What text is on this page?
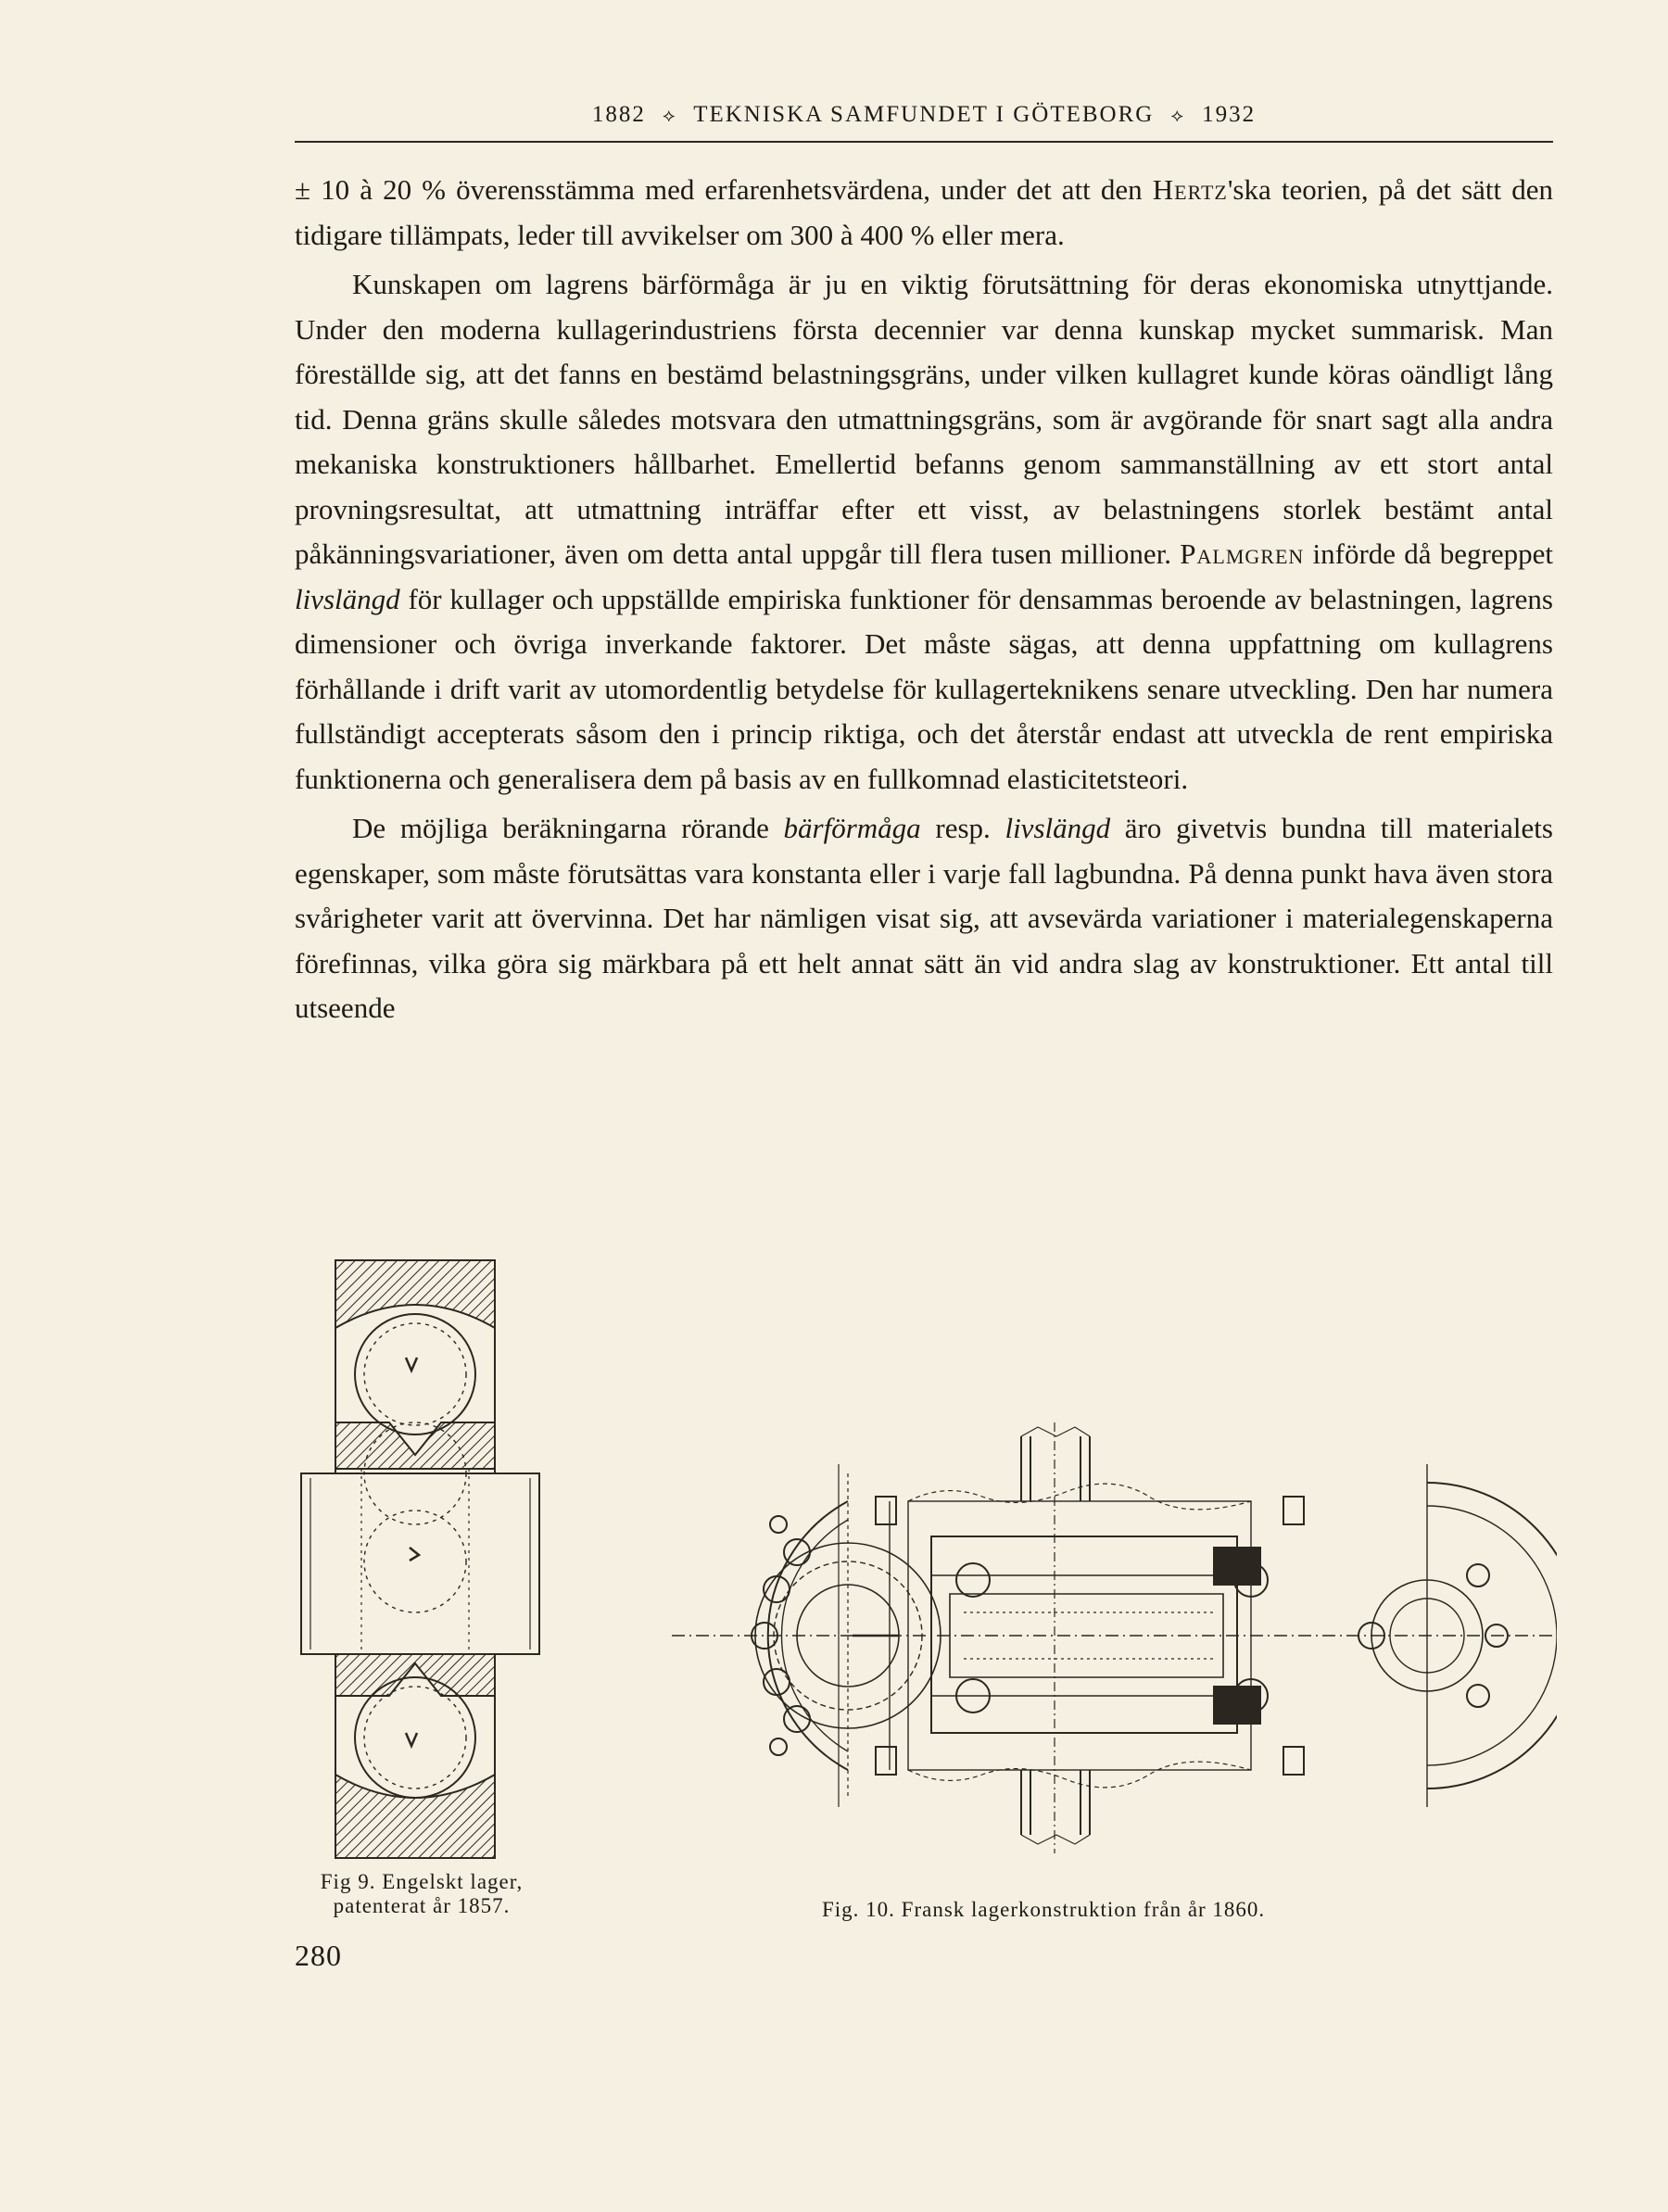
1882 ⟡ TEKNISKA SAMFUNDET I GÖTEBORG ⟡ 1932

± 10 à 20 % överensstämma med erfarenhetsvärdena, under det att den Hertz'ska teorien, på det sätt den tidigare tillämpats, leder till avvikelser om 300 à 400 % eller mera.

Kunskapen om lagrens bärförmåga är ju en viktig förutsättning för deras ekonomiska utnyttjande. Under den moderna kullagerindustriens första decennier var denna kunskap mycket summarisk. Man föreställde sig, att det fanns en bestämd belastningsgräns, under vilken kullagret kunde köras oändligt lång tid. Denna gräns skulle således motsvara den utmattningsgräns, som är avgörande för snart sagt alla andra mekaniska konstruktioners hållbarhet. Emellertid befanns genom sammanställning av ett stort antal provningsresultat, att utmattning inträffar efter ett visst, av belastningens storlek bestämt antal påkänningsvariationer, även om detta antal uppgår till flera tusen millioner. Palmgren införde då begreppet livslängd för kullager och uppställde empiriska funktioner för densammas beroende av belastningen, lagrens dimensioner och övriga inverkande faktorer. Det måste sägas, att denna uppfattning om kullagrens förhållande i drift varit av utomordentlig betydelse för kullagerteknikens senare utveckling. Den har numera fullständigt accepterats såsom den i princip riktiga, och det återstår endast att utveckla de rent empiriska funktionerna och generalisera dem på basis av en fullkomnad elasticitetsteori.

De möjliga beräkningarna rörande bärförmåga resp. livslängd äro givetvis bundna till materialets egenskaper, som måste förutsättas vara konstanta eller i varje fall lagbundna. På denna punkt hava även stora svårigheter varit att övervinna. Det har nämligen visat sig, att avsevärda variationer i materialegenskaperna förefinnas, vilka göra sig märkbara på ett helt annat sätt än vid andra slag av konstruktioner. Ett antal till utseende

Fig 9. Engelskt lager,
patenterat år 1857.	Fig. 10. Fransk lagerkonstruktion från år 1860.
280
